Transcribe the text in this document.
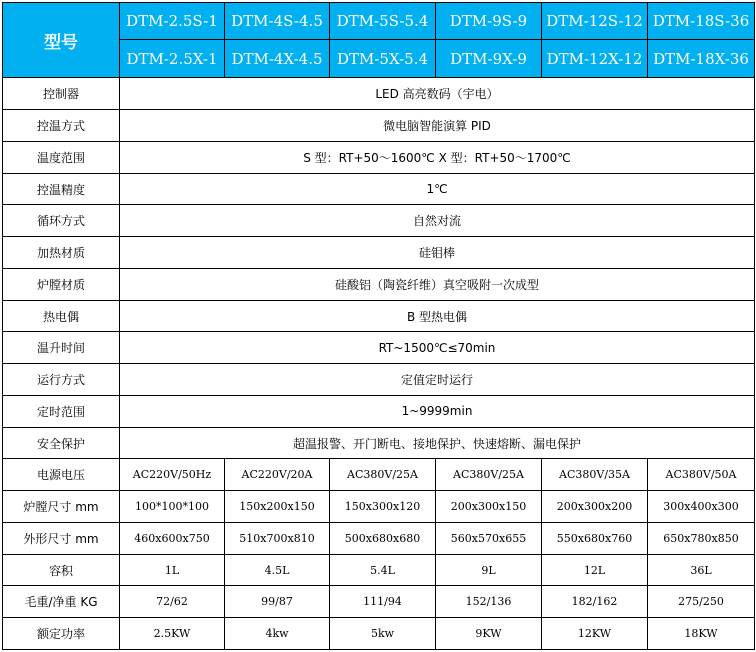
型号	DTM-2.5S-1	DTM-4S-4.5	DTM-5S-5.4	DTM-9S-9	DTM-12S-12	DTM-18S-36
	DTM-2.5X-1	DTM-4X-4.5	DTM-5X-5.4	DTM-9X-9	DTM-12X-12	DTM-18X-36
控制器	LED 高亮数码（宇电）					
控温方式	微电脑智能演算 PID					
温度范围	S 型：RT+50～1600℃ X 型：RT+50～1700℃					
控温精度	1℃					
循环方式	自然对流					
加热材质	硅钼棒					
炉膛材质	硅酸铝（陶瓷纤维）真空吸附一次成型					
热电偶	B 型热电偶					
温升时间	RT~1500℃≤70min					
运行方式	定值定时运行					
定时范围	1~9999min					
安全保护	超温报警、开门断电、接地保护、快速熔断、漏电保护					
电源电压	AC220V/50Hz	AC220V/20A	AC380V/25A	AC380V/25A	AC380V/35A	AC380V/50A
炉膛尺寸 mm	100*100*100	150x200x150	150x300x120	200x300x150	200x300x200	300x400x300
外形尺寸 mm	460x600x750	510x700x810	500x680x680	560x570x655	550x680x760	650x780x850
容积	1L	4.5L	5.4L	9L	12L	36L
毛重/净重 KG	72/62	99/87	111/94	152/136	182/162	275/250
额定功率	2.5KW	4kw	5kw	9KW	12KW	18KW
